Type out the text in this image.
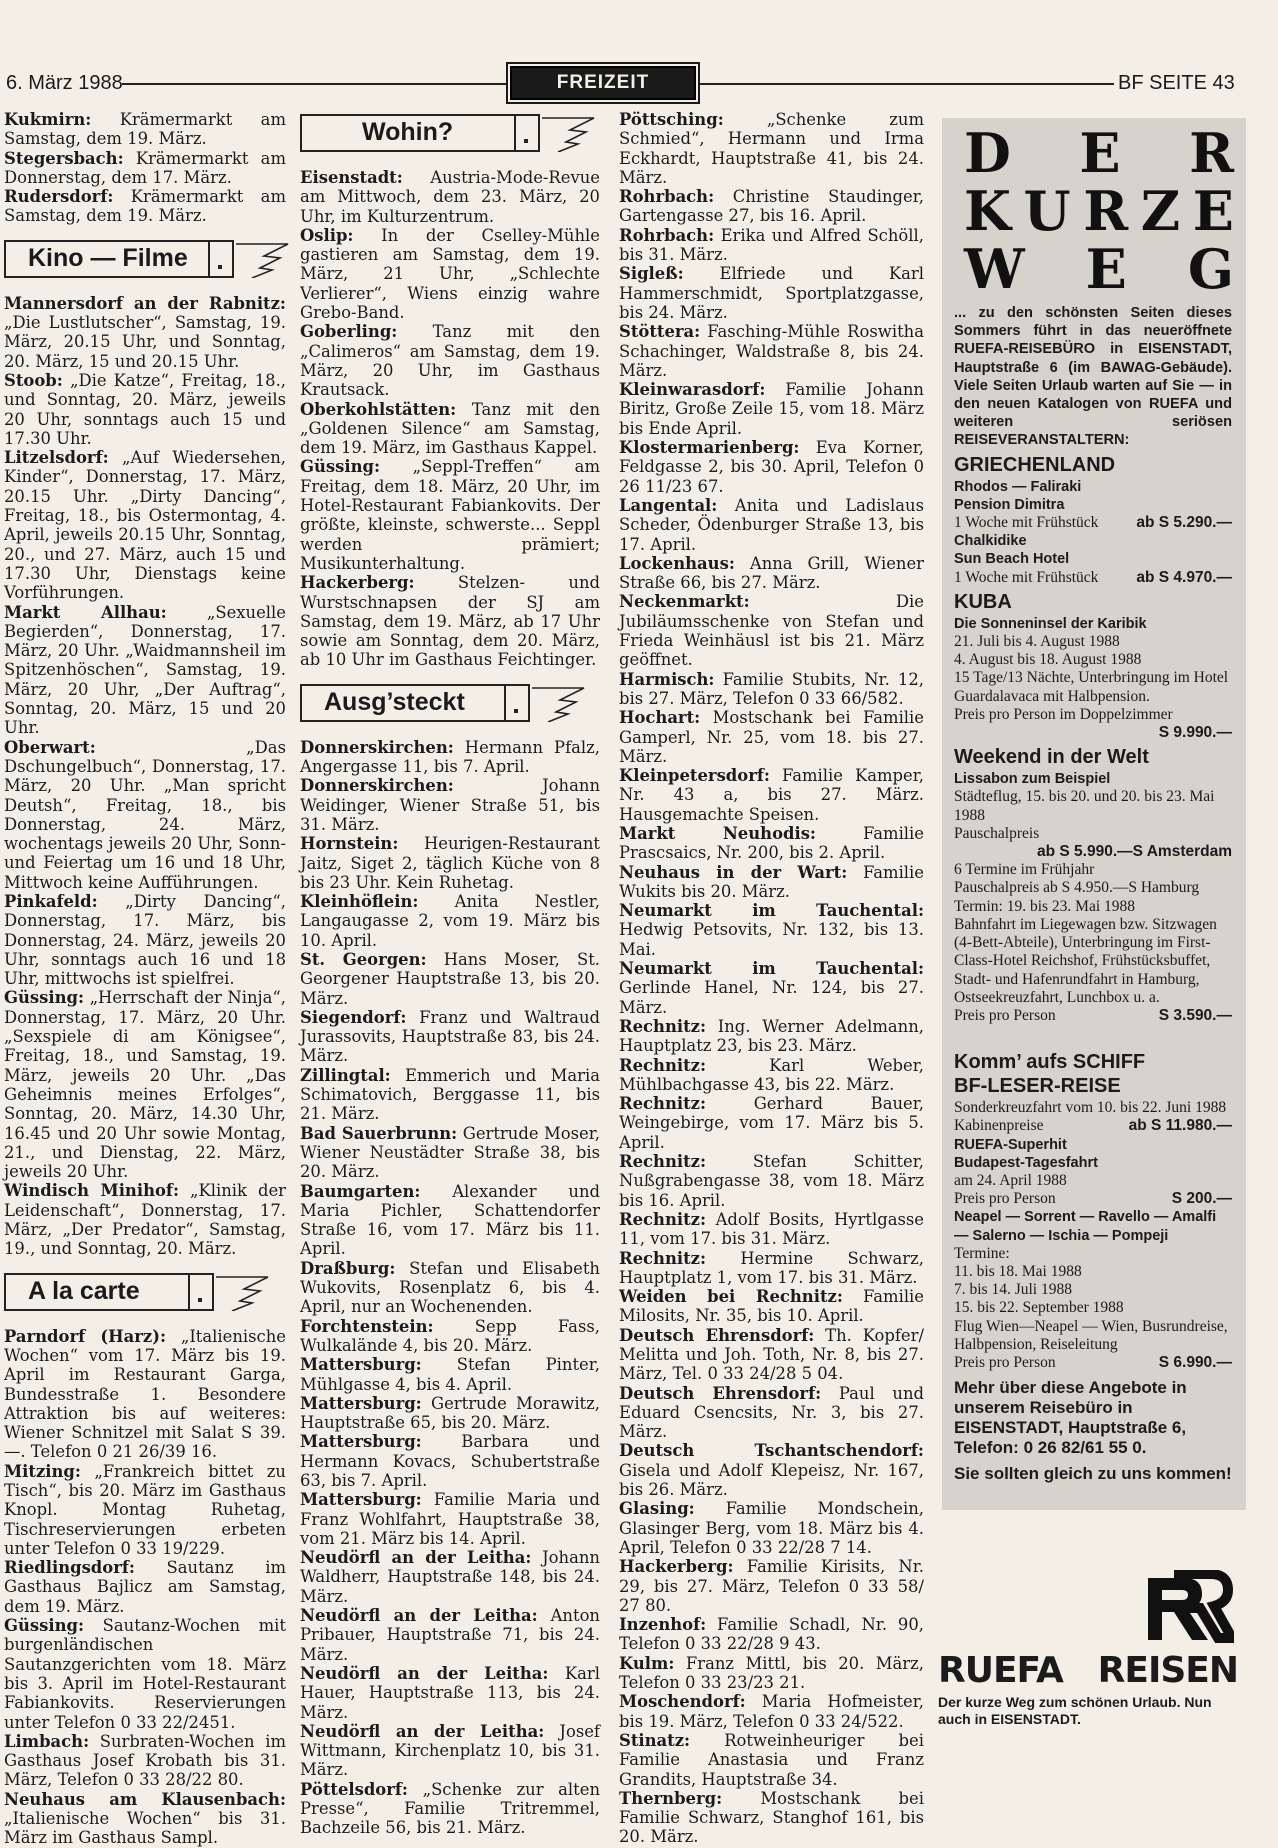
6. März 1988	FREIZEIT	BF SEITE 43

Kukmirn: Krämermarkt am Samstag, dem 19. März.

Stegersbach: Krämermarkt am Donnerstag, dem 17. März.

Rudersdorf: Krämermarkt am Samstag, dem 19. März.

Kino — Filme

Mannersdorf an der Rabnitz: „Die Lustlutscher“, Samstag, 19. März, 20.15 Uhr, und Sonntag, 20. März, 15 und 20.15 Uhr.

Stoob: „Die Katze“, Freitag, 18., und Sonntag, 20. März, jeweils 20 Uhr, sonntags auch 15 und 17.30 Uhr.

Litzelsdorf: „Auf Wiedersehen, Kinder“, Donnerstag, 17. März, 20.15 Uhr. „Dirty Dancing“, Freitag, 18., bis Ostermontag, 4. April, jeweils 20.15 Uhr, Sonntag, 20., und 27. März, auch 15 und 17.30 Uhr, Dienstags keine Vorführungen.

Markt Allhau: „Sexuelle Begierden“, Donnerstag, 17. März, 20 Uhr. „Waidmannsheil im Spitzenhöschen“, Samstag, 19. März, 20 Uhr, „Der Auftrag“, Sonntag, 20. März, 15 und 20 Uhr.

Oberwart: „Das Dschungelbuch“, Donnerstag, 17. März, 20 Uhr. „Man spricht Deutsh“, Freitag, 18., bis Donnerstag, 24. März, wochentags jeweils 20 Uhr, Sonn- und Feiertag um 16 und 18 Uhr, Mittwoch keine Aufführungen.

Pinkafeld: „Dirty Dancing“, Donnerstag, 17. März, bis Donnerstag, 24. März, jeweils 20 Uhr, sonntags auch 16 und 18 Uhr, mittwochs ist spielfrei.

Güssing: „Herrschaft der Ninja“, Donnerstag, 17. März, 20 Uhr. „Sexspiele di am Königsee“, Freitag, 18., und Samstag, 19. März, jeweils 20 Uhr. „Das Geheimnis meines Erfolges“, Sonntag, 20. März, 14.30 Uhr, 16.45 und 20 Uhr sowie Montag, 21., und Dienstag, 22. März, jeweils 20 Uhr.

Windisch Minihof: „Klinik der Leidenschaft“, Donnerstag, 17. März, „Der Predator“, Samstag, 19., und Sonntag, 20. März.

A la carte

Parndorf (Harz): „Italienische Wochen“ vom 17. März bis 19. April im Restaurant Garga, Bundesstraße 1. Besondere Attraktion bis auf weiteres: Wiener Schnitzel mit Salat S 39.—. Telefon 0 21 26/39 16.

Mitzing: „Frankreich bittet zu Tisch“, bis 20. März im Gasthaus Knopl. Montag Ruhetag, Tischreservierungen erbeten unter Telefon 0 33 19/229.

Riedlingsdorf: Sautanz im Gasthaus Bajlicz am Samstag, dem 19. März.

Güssing: Sautanz-Wochen mit burgenländischen Sautanzgerichten vom 18. März bis 3. April im Hotel-Restaurant Fabiankovits. Reservierungen unter Telefon 0 33 22/2451.

Limbach: Surbraten-Wochen im Gasthaus Josef Krobath bis 31. März, Telefon 0 33 28/22 80.

Neuhaus am Klausenbach: „Italienische Wochen“ bis 31. März im Gasthaus Sampl.

Wohin?

Eisenstadt: Austria-Mode-Revue am Mittwoch, dem 23. März, 20 Uhr, im Kulturzentrum.

Oslip: In der Cselley-Mühle gastieren am Samstag, dem 19. März, 21 Uhr, „Schlechte Verlierer“, Wiens einzig wahre Grebo-Band.

Goberling: Tanz mit den „Calimeros“ am Samstag, dem 19. März, 20 Uhr, im Gasthaus Krautsack.

Oberkohlstätten: Tanz mit den „Goldenen Silence“ am Samstag, dem 19. März, im Gasthaus Kappel.

Güssing: „Seppl-Treffen“ am Freitag, dem 18. März, 20 Uhr, im Hotel-Restaurant Fabiankovits. Der größte, kleinste, schwerste... Seppl werden prämiert; Musikunterhaltung.

Hackerberg: Stelzen- und Wurstschnapsen der SJ am Samstag, dem 19. März, ab 17 Uhr sowie am Sonntag, dem 20. März, ab 10 Uhr im Gasthaus Feichtinger.

Ausg’steckt

Donnerskirchen: Hermann Pfalz, Angergasse 11, bis 7. April.

Donnerskirchen: Johann Weidinger, Wiener Straße 51, bis 31. März.

Hornstein: Heurigen-Restaurant Jaitz, Siget 2, täglich Küche von 8 bis 23 Uhr. Kein Ruhetag.

Kleinhöflein: Anita Nestler, Langaugasse 2, vom 19. März bis 10. April.

St. Georgen: Hans Moser, St. Georgener Hauptstraße 13, bis 20. März.

Siegendorf: Franz und Waltraud Jurassovits, Hauptstraße 83, bis 24. März.

Zillingtal: Emmerich und Maria Schimatovich, Berggasse 11, bis 21. März.

Bad Sauerbrunn: Gertrude Moser, Wiener Neustädter Straße 38, bis 20. März.

Baumgarten: Alexander und Maria Pichler, Schattendorfer Straße 16, vom 17. März bis 11. April.

Draßburg: Stefan und Elisabeth Wukovits, Rosenplatz 6, bis 4. April, nur an Wochenenden.

Forchtenstein: Sepp Fass, Wulkalände 4, bis 20. März.

Mattersburg: Stefan Pinter, Mühlgasse 4, bis 4. April.

Mattersburg: Gertrude Morawitz, Hauptstraße 65, bis 20. März.

Mattersburg: Barbara und Hermann Kovacs, Schubertstraße 63, bis 7. April.

Mattersburg: Familie Maria und Franz Wohlfahrt, Hauptstraße 38, vom 21. März bis 14. April.

Neudörfl an der Leitha: Johann Waldherr, Hauptstraße 148, bis 24. März.

Neudörfl an der Leitha: Anton Pribauer, Hauptstraße 71, bis 24. März.

Neudörfl an der Leitha: Karl Hauer, Hauptstraße 113, bis 24. März.

Neudörfl an der Leitha: Josef Wittmann, Kirchenplatz 10, bis 31. März.

Pöttelsdorf: „Schenke zur alten Presse“, Familie Tritremmel, Bachzeile 56, bis 21. März.

Pöttsching: „Schenke zum Schmied“, Hermann und Irma Eckhardt, Hauptstraße 41, bis 24. März.

Rohrbach: Christine Staudinger, Gartengasse 27, bis 16. April.

Rohrbach: Erika und Alfred Schöll, bis 31. März.

Sigleß: Elfriede und Karl Hammerschmidt, Sportplatzgasse, bis 24. März.

Stöttera: Fasching-Mühle Roswitha Schachinger, Waldstraße 8, bis 24. März.

Kleinwarasdorf: Familie Johann Biritz, Große Zeile 15, vom 18. März bis Ende April.

Klostermarienberg: Eva Korner, Feldgasse 2, bis 30. April, Telefon 0 26 11/23 67.

Langental: Anita und Ladislaus Scheder, Ödenburger Straße 13, bis 17. April.

Lockenhaus: Anna Grill, Wiener Straße 66, bis 27. März.

Neckenmarkt: Die Jubiläumsschenke von Stefan und Frieda Weinhäusl ist bis 21. März geöffnet.

Harmisch: Familie Stubits, Nr. 12, bis 27. März, Telefon 0 33 66/582.

Hochart: Mostschank bei Familie Gamperl, Nr. 25, vom 18. bis 27. März.

Kleinpetersdorf: Familie Kamper, Nr. 43 a, bis 27. März. Hausgemachte Speisen.

Markt Neuhodis: Familie Prascsaics, Nr. 200, bis 2. April.

Neuhaus in der Wart: Familie Wukits bis 20. März.

Neumarkt im Tauchental: Hedwig Petsovits, Nr. 132, bis 13. Mai.

Neumarkt im Tauchental: Gerlinde Hanel, Nr. 124, bis 27. März.

Rechnitz: Ing. Werner Adelmann, Hauptplatz 23, bis 23. März.

Rechnitz: Karl Weber, Mühlbachgasse 43, bis 22. März.

Rechnitz: Gerhard Bauer, Weingebirge, vom 17. März bis 5. April.

Rechnitz: Stefan Schitter, Nußgrabengasse 38, vom 18. März bis 16. April.

Rechnitz: Adolf Bosits, Hyrtlgasse 11, vom 17. bis 31. März.

Rechnitz: Hermine Schwarz, Hauptplatz 1, vom 17. bis 31. März.

Weiden bei Rechnitz: Familie Milosits, Nr. 35, bis 10. April.

Deutsch Ehrensdorf: Th. Kopfer/ Melitta und Joh. Toth, Nr. 8, bis 27. März, Tel. 0 33 24/28 5 04.

Deutsch Ehrensdorf: Paul und Eduard Csencsits, Nr. 3, bis 27. März.

Deutsch Tschantschendorf: Gisela und Adolf Klepeisz, Nr. 167, bis 26. März.

Glasing: Familie Mondschein, Glasinger Berg, vom 18. März bis 4. April, Telefon 0 33 22/28 7 14.

Hackerberg: Familie Kirisits, Nr. 29, bis 27. März, Telefon 0 33 58/ 27 80.

Inzenhof: Familie Schadl, Nr. 90, Telefon 0 33 22/28 9 43.

Kulm: Franz Mittl, bis 20. März, Telefon 0 33 23/23 21.

Moschendorf: Maria Hofmeister, bis 19. März, Telefon 0 33 24/522.

Stinatz: Rotweinheuriger bei Familie Anastasia und Franz Grandits, Hauptstraße 34.

Thernberg: Mostschank bei Familie Schwarz, Stanghof 161, bis 20. März.

D E R
K U R Z E
W E G
... zu den schönsten Seiten dieses Sommers führt in das neueröffnete RUEFA-REISEBÜRO in EISENSTADT, Hauptstraße 6 (im BAWAG-Gebäude). Viele Seiten Urlaub warten auf Sie — in den neuen Katalogen von RUEFA und weiteren seriösen REISEVERANSTALTERN:
GRIECHENLAND
Rhodos — Faliraki
Pension Dimitra
1 Woche mit Frühstück ab S 5.290.—
Chalkidike
Sun Beach Hotel
1 Woche mit Frühstück ab S 4.970.—
KUBA
Die Sonneninsel der Karibik
21. Juli bis 4. August 1988
4. August bis 18. August 1988
15 Tage/13 Nächte, Unterbringung im Hotel Guardalavaca mit Halbpension.
Preis pro Person im Doppelzimmer
S 9.990.—
Weekend in der Welt
Lissabon zum Beispiel
Städteflug, 15. bis 20. und 20. bis 23. Mai 1988
Pauschalpreis
ab S 5.990.—S Amsterdam
6 Termine im Frühjahr
Pauschalpreis ab S 4.950.—S Hamburg
Termin: 19. bis 23. Mai 1988
Bahnfahrt im Liegewagen bzw. Sitzwagen (4-Bett-Abteile), Unterbringung im First-Class-Hotel Reichshof, Frühstücksbuffet, Stadt- und Hafenrundfahrt in Hamburg, Ostseekreuzfahrt, Lunchbox u. a.
Preis pro Person	S 3.590.—
Komm’ aufs SCHIFF
BF-LESER-REISE
Sonderkreuzfahrt vom 10. bis 22. Juni 1988
Kabinenpreise	ab S 11.980.—
RUEFA-Superhit
Budapest-Tagesfahrt
am 24. April 1988
Preis pro Person	S 200.—
Neapel — Sorrent — Ravello — Amalfi — Salerno — Ischia — Pompeji
Termine:
11. bis 18. Mai 1988
7. bis 14. Juli 1988
15. bis 22. September 1988
Flug Wien—Neapel — Wien, Busrundreise, Halbpension, Reiseleitung
Preis pro Person	S 6.990.—
Mehr über diese Angebote in unserem Reisebüro in EISENSTADT, Hauptstraße 6, Telefon: 0 26 82/61 55 0.
Sie sollten gleich zu uns kommen!
RUEFA REISEN
Der kurze Weg zum schönen Urlaub. Nun auch in EISENSTADT.
